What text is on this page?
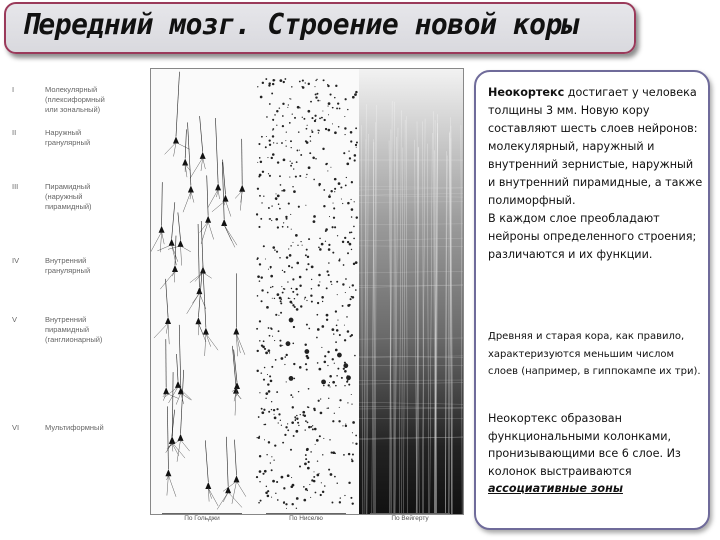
Передний мозг. Строение новой коры
I	Молекулярный
(плексиформный
или зональный)
II	Наружный
гранулярный
III	Пирамидный
(наружный
пирамидный)
IV	Внутренний
гранулярный
V	Внутренний
пирамидный
(ганглионарный)
VI	Мультиформный
По Гольджи	По Ниселю	По Вейгерту

Неокортекс достигает у человека толщины 3 мм. Новую кору составляют шесть слоев нейронов: молекулярный, наружный и внутренний зернистые, наружный и внутренний пирамидные, а также полиморфный.
В каждом слое преобладают нейроны определенного строения; различаются и их функции.

Древняя и старая кора, как правило, характеризуются меньшим числом слоев (например, в гиппокампе их три).

Неокортекс образован функциональными колонками, пронизывающими все 6 слое. Из колонок выстраиваются ассоциативные зоны
